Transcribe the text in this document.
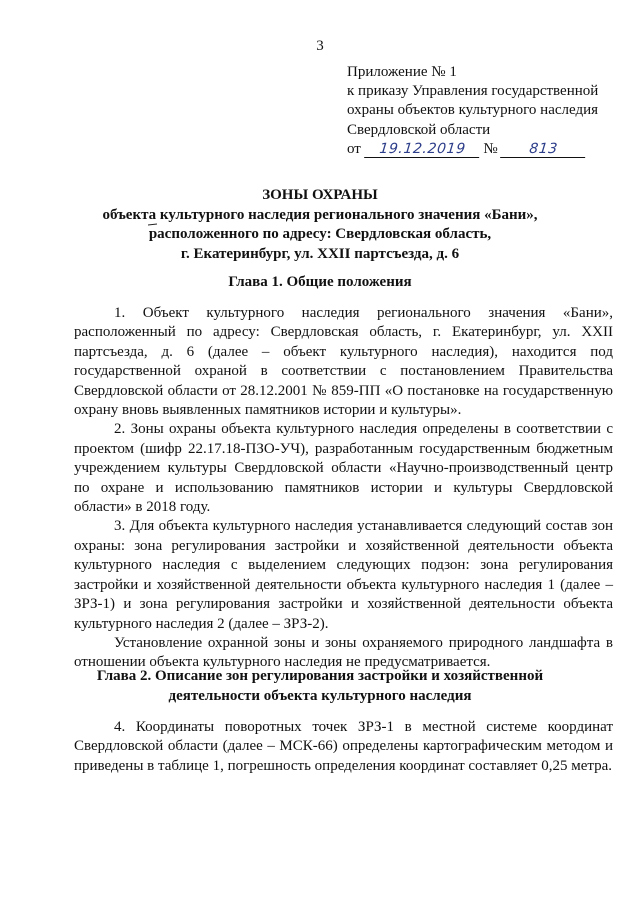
3
Приложение № 1
к приказу Управления государственной
охраны объектов культурного наследия
Свердловской области
от 19.12.2019 № 813
ЗОНЫ ОХРАНЫ
объекта культурного наследия регионального значения «Бани»,
расположенного по адресу: Свердловская область,
г. Екатеринбург, ул. XXII партсъезда, д. 6
Глава 1. Общие положения

1. Объект культурного наследия регионального значения «Бани», расположенный по адресу: Свердловская область, г. Екатеринбург, ул. XXII партсъезда, д. 6 (далее – объект культурного наследия), находится под государственной охраной в соответствии с постановлением Правительства Свердловской области от 28.12.2001 № 859-ПП «О постановке на государственную охрану вновь выявленных памятников истории и культуры».

2. Зоны охраны объекта культурного наследия определены в соответствии с проектом (шифр 22.17.18-ПЗО-УЧ), разработанным государственным бюджетным учреждением культуры Свердловской области «Научно-производственный центр по охране и использованию памятников истории и культуры Свердловской области» в 2018 году.

3. Для объекта культурного наследия устанавливается следующий состав зон охраны: зона регулирования застройки и хозяйственной деятельности объекта культурного наследия с выделением следующих подзон: зона регулирования застройки и хозяйственной деятельности объекта культурного наследия 1 (далее – ЗРЗ-1) и зона регулирования застройки и хозяйственной деятельности объекта культурного наследия 2 (далее – ЗРЗ-2).

Установление охранной зоны и зоны охраняемого природного ландшафта в отношении объекта культурного наследия не предусматривается.

Глава 2. Описание зон регулирования застройки и хозяйственной
деятельности объекта культурного наследия

4. Координаты поворотных точек ЗРЗ-1 в местной системе координат Свердловской области (далее – МСК-66) определены картографическим методом и приведены в таблице 1, погрешность определения координат составляет 0,25 метра.
